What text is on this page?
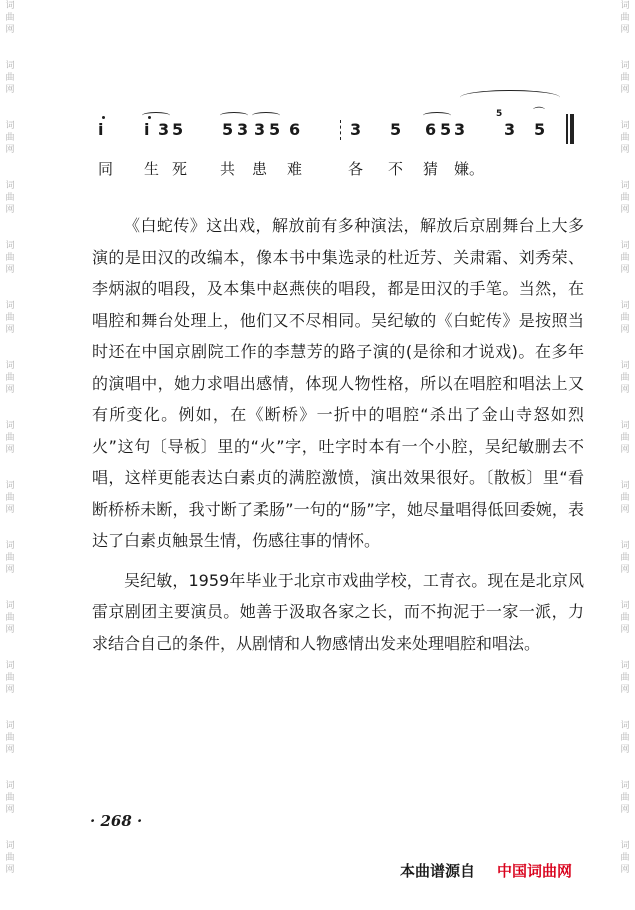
词曲网
词曲网
词曲网
词曲网
词曲网
词曲网
词曲网
词曲网
词曲网
词曲网
词曲网
词曲网
词曲网
词曲网
词曲网
词曲网
词曲网
词曲网
词曲网
词曲网
词曲网
词曲网
词曲网
词曲网
词曲网
词曲网
词曲网
词曲网
词曲网
词曲网

i

i

3

5

5

3

3

5

6

	3

5

6

5

3

3

5

5	⌒
同 生 死 共 患 难	各 不 猜 嫌。

《白蛇传》这出戏，解放前有多种演法，解放后京剧舞台上大多演的是田汉的改编本，像本书中集选录的杜近芳、关肃霜、刘秀荣、李炳淑的唱段，及本集中赵燕侠的唱段，都是田汉的手笔。当然，在唱腔和舞台处理上，他们又不尽相同。吴纪敏的《白蛇传》是按照当时还在中国京剧院工作的李慧芳的路子演的(是徐和才说戏)。在多年的演唱中，她力求唱出感情，体现人物性格，所以在唱腔和唱法上又有所变化。例如，在《断桥》一折中的唱腔“杀出了金山寺怒如烈火”这句〔导板〕里的“火”字，吐字时本有一个小腔，吴纪敏删去不唱，这样更能表达白素贞的满腔激愤，演出效果很好。〔散板〕里“看断桥桥未断，我寸断了柔肠”一句的“肠”字，她尽量唱得低回委婉，表达了白素贞触景生情，伤感往事的情怀。

吴纪敏，1959年毕业于北京市戏曲学校，工青衣。现在是北京风雷京剧团主要演员。她善于汲取各家之长，而不拘泥于一家一派，力求结合自己的条件，从剧情和人物感情出发来处理唱腔和唱法。

· 268 ·
本曲谱源自 中国词曲网
